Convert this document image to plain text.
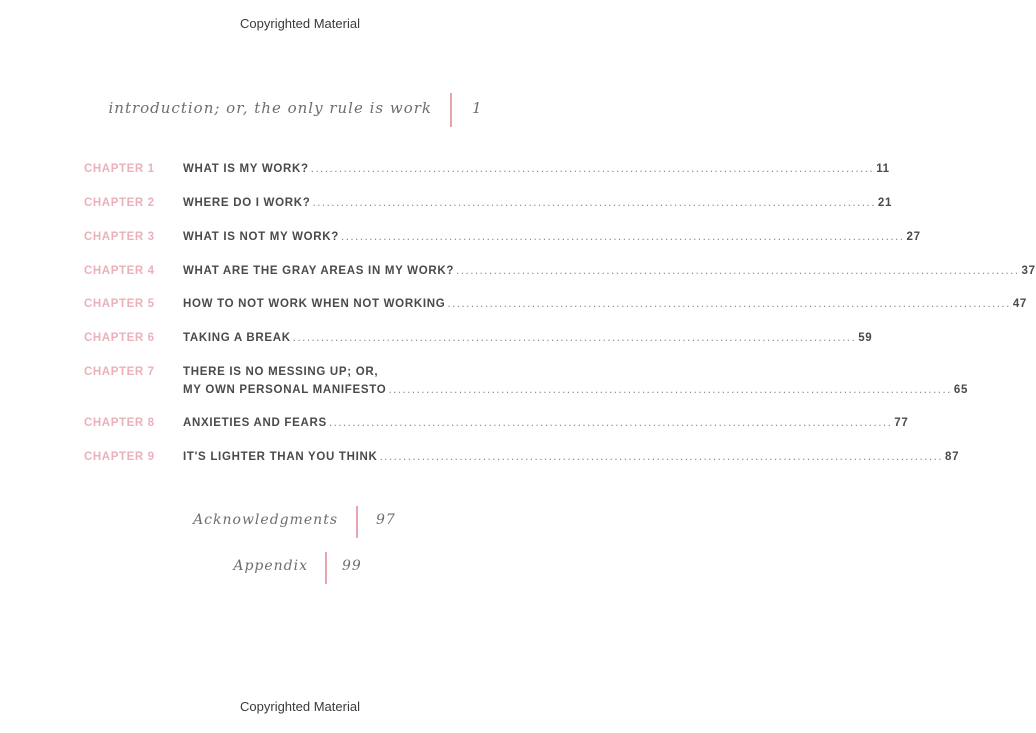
Copyrighted Material
introduction; or, the only rule is work	1
CHAPTER 1 WHAT IS MY WORK? ........................................................................................................................ 11
CHAPTER 2 WHERE DO I WORK? ........................................................................................................................ 21
CHAPTER 3 WHAT IS NOT MY WORK? ........................................................................................................................ 27
CHAPTER 4 WHAT ARE THE GRAY AREAS IN MY WORK? ........................................................................................................................ 37
CHAPTER 5 HOW TO NOT WORK WHEN NOT WORKING ........................................................................................................................ 47
CHAPTER 6 TAKING A BREAK ........................................................................................................................ 59
CHAPTER 7 THERE IS NO MESSING UP; OR,
MY OWN PERSONAL MANIFESTO ........................................................................................................................ 65
CHAPTER 8 ANXIETIES AND FEARS ........................................................................................................................ 77
CHAPTER 9 IT'S LIGHTER THAN YOU THINK ........................................................................................................................ 87
Acknowledgments	97
Appendix 99
Copyrighted Material
